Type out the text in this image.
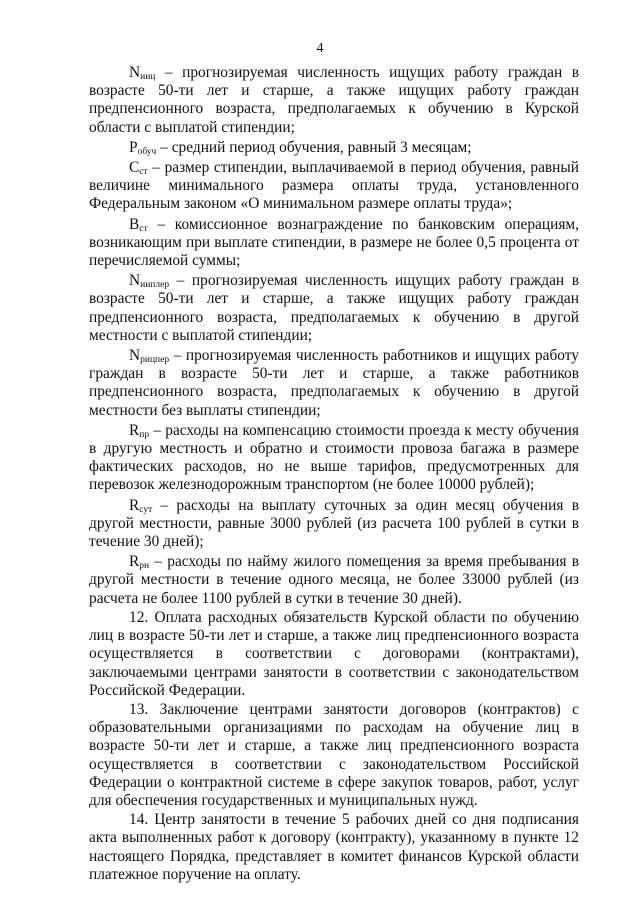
4

$N_{ииц}$ – прогнозируемая численность ищущих работу граждан в возрасте 50-ти лет и старше, а также ищущих работу граждан предпенсионного возраста, предполагаемых к обучению в Курской области с выплатой стипендии;

$P_{обуч}$ – средний период обучения, равный 3 месяцам;

$C_{ст}$ – размер стипендии, выплачиваемой в период обучения, равный величине минимального размера оплаты труда, установленного Федеральным законом «О минимальном размере оплаты труда»;

$B_{ст}$ – комиссионное вознаграждение по банковским операциям, возникающим при выплате стипендии, в размере не более 0,5 процента от перечисляемой суммы;

$N_{ииплер}$ – прогнозируемая численность ищущих работу граждан в возрасте 50-ти лет и старше, а также ищущих работу граждан предпенсионного возраста, предполагаемых к обучению в другой местности с выплатой стипендии;

$N_{рицпер}$ – прогнозируемая численность работников и ищущих работу граждан в возрасте 50-ти лет и старше, а также работников предпенсионного возраста, предполагаемых к обучению в другой местности без выплаты стипендии;

$R_{пр}$ – расходы на компенсацию стоимости проезда к месту обучения в другую местность и обратно и стоимости провоза багажа в размере фактических расходов, но не выше тарифов, предусмотренных для перевозок железнодорожным транспортом (не более 10000 рублей);

$R_{сут}$ – расходы на выплату суточных за один месяц обучения в другой местности, равные 3000 рублей (из расчета 100 рублей в сутки в течение 30 дней);

$R_{рн}$ – расходы по найму жилого помещения за время пребывания в другой местности в течение одного месяца, не более 33000 рублей (из расчета не более 1100 рублей в сутки в течение 30 дней).

12. Оплата расходных обязательств Курской области по обучению лиц в возрасте 50-ти лет и старше, а также лиц предпенсионного возраста осуществляется в соответствии с договорами (контрактами), заключаемыми центрами занятости в соответствии с законодательством Российской Федерации.

13. Заключение центрами занятости договоров (контрактов) с образовательными организациями по расходам на обучение лиц в возрасте 50-ти лет и старше, а также лиц предпенсионного возраста осуществляется в соответствии с законодательством Российской Федерации о контрактной системе в сфере закупок товаров, работ, услуг для обеспечения государственных и муниципальных нужд.

14. Центр занятости в течение 5 рабочих дней со дня подписания акта выполненных работ к договору (контракту), указанному в пункте 12 настоящего Порядка, представляет в комитет финансов Курской области платежное поручение на оплату.
